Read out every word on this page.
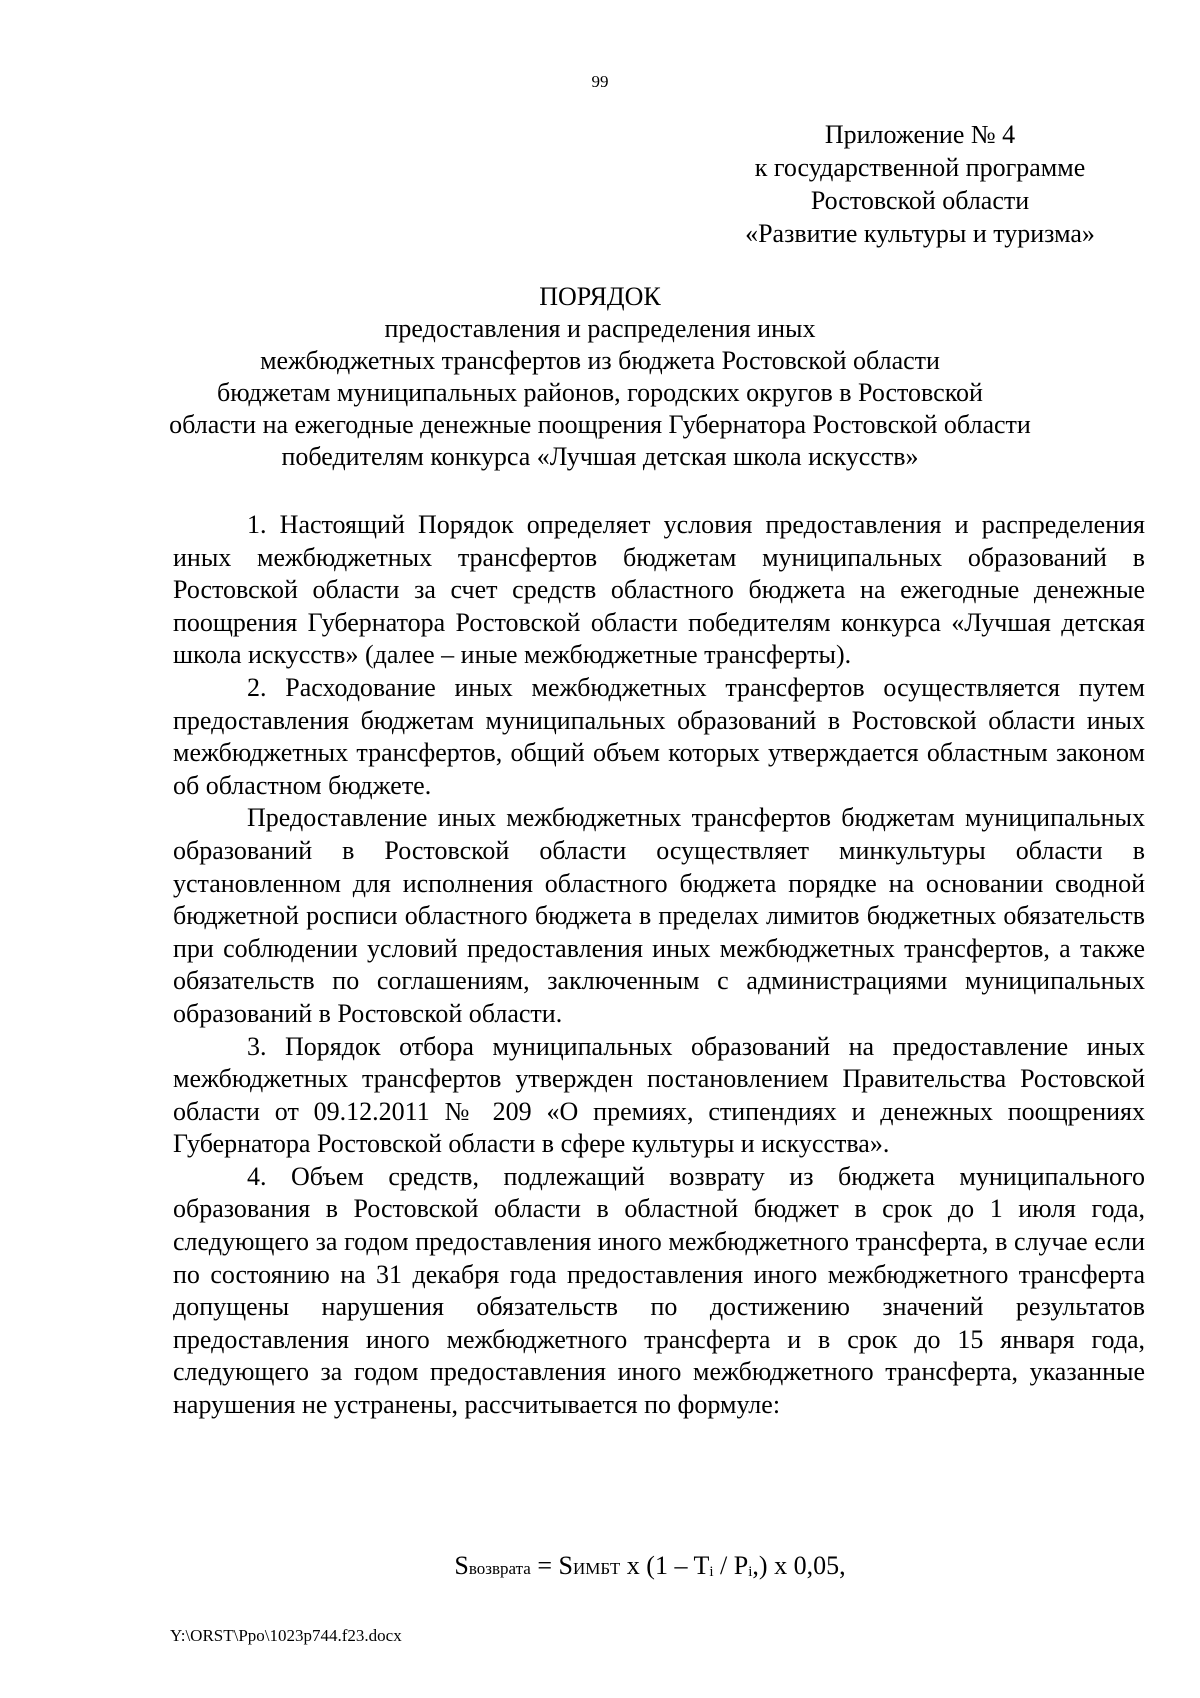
99
Приложение № 4
к государственной программе
Ростовской области
«Развитие культуры и туризма»
ПОРЯДОК
предоставления и распределения иных
межбюджетных трансфертов из бюджета Ростовской области
бюджетам муниципальных районов, городских округов в Ростовской
области на ежегодные денежные поощрения Губернатора Ростовской области
победителям конкурса «Лучшая детская школа искусств»

1. Настоящий Порядок определяет условия предоставления и распределения иных межбюджетных трансфертов бюджетам муниципальных образований в Ростовской области за счет средств областного бюджета на ежегодные денежные поощрения Губернатора Ростовской области победителям конкурса «Лучшая детская школа искусств» (далее – иные межбюджетные трансферты).

2. Расходование иных межбюджетных трансфертов осуществляется путем предоставления бюджетам муниципальных образований в Ростовской области иных межбюджетных трансфертов, общий объем которых утверждается областным законом об областном бюджете.

Предоставление иных межбюджетных трансфертов бюджетам муниципальных образований в Ростовской области осуществляет минкультуры области в установленном для исполнения областного бюджета порядке на основании сводной бюджетной росписи областного бюджета в пределах лимитов бюджетных обязательств при соблюдении условий предоставления иных межбюджетных трансфертов, а также обязательств по соглашениям, заключенным с администрациями муниципальных образований в Ростовской области.

3. Порядок отбора муниципальных образований на предоставление иных межбюджетных трансфертов утвержден постановлением Правительства Ростовской области от 09.12.2011 № 209 «О премиях, стипендиях и денежных поощрениях Губернатора Ростовской области в сфере культуры и искусства».

4. Объем средств, подлежащий возврату из бюджета муниципального образования в Ростовской области в областной бюджет в срок до 1 июля года, следующего за годом предоставления иного межбюджетного трансферта, в случае если по состоянию на 31 декабря года предоставления иного межбюджетного трансферта допущены нарушения обязательств по достижению значений результатов предоставления иного межбюджетного трансферта и в срок до 15 января года, следующего за годом предоставления иного межбюджетного трансферта, указанные нарушения не устранены, рассчитывается по формуле:

Sвозврата = SИМБТ x (1 – Ti / Pi,) x 0,05,
Y:\ORST\Ppo\1023p744.f23.docx
